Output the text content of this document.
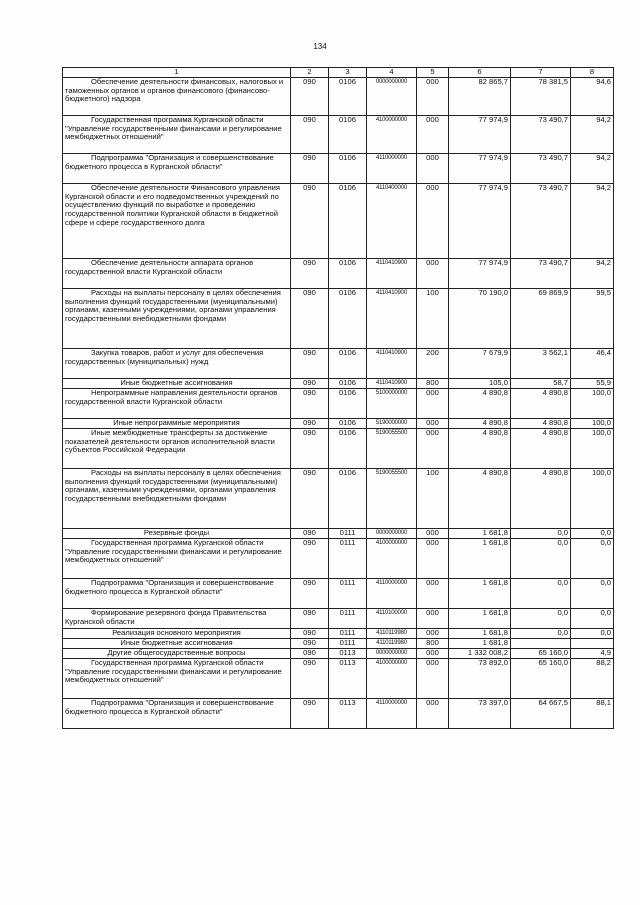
134
1	2	3	4	5	6	7	8
Обеспечение деятельности финансовых, налоговых и таможенных органов и органов финансового (финансово-бюджетного) надзора	090	0106	0000000000	000	82 865,7	78 381,5	94,6
Государственная программа Курганской области "Управление государственными финансами и регулирование межбюджетных отношений"	090	0106	4100000000	000	77 974,9	73 490,7	94,2
Подпрограмма "Организация и совершенствование бюджетного процесса в Курганской области"	090	0106	4110000000	000	77 974,9	73 490,7	94,2
Обеспечение деятельности Финансового управления Курганской области и его подведомственных учреждений по осуществлению функций по выработке и проведению государственной политики Курганской области в бюджетной сфере и сфере государственного долга	090	0106	4110400000	000	77 974,9	73 490,7	94,2
Обеспечение деятельности аппарата органов государственной власти Курганской области	090	0106	4110410900	000	77 974,9	73 490,7	94,2
Расходы на выплаты персоналу в целях обеспечения выполнения функций государственными (муниципальными) органами, казенными учреждениями, органами управления государственными внебюджетными фондами	090	0106	4110410900	100	70 190,0	69 869,9	99,5
Закупка товаров, работ и услуг для обеспечения государственных (муниципальных) нужд	090	0106	4110410900	200	7 679,9	3 562,1	46,4
Иные бюджетные ассигнования	090	0106	4110410900	800	105,0	58,7	55,9
Непрограммные направления деятельности органов государственной власти Курганской области	090	0106	5100000000	000	4 890,8	4 890,8	100,0
Иные непрограммные мероприятия	090	0106	5190000000	000	4 890,8	4 890,8	100,0
Иные межбюджетные трансферты за достижение показателей деятельности органов исполнительной власти субъектов Российской Федерации	090	0106	5190055500	000	4 890,8	4 890,8	100,0
Расходы на выплаты персоналу в целях обеспечения выполнения функций государственными (муниципальными) органами, казенными учреждениями, органами управления государственными внебюджетными фондами	090	0106	5190055500	100	4 890,8	4 890,8	100,0
Резервные фонды	090	0111	0000000000	000	1 681,8	0,0	0,0
Государственная программа Курганской области "Управление государственными финансами и регулирование межбюджетных отношений"	090	0111	4100000000	000	1 681,8	0,0	0,0
Подпрограмма "Организация и совершенствование бюджетного процесса в Курганской области"	090	0111	4110000000	000	1 681,8	0,0	0,0
Формирование резервного фонда Правительства Курганской области	090	0111	4110100000	000	1 681,8	0,0	0,0
Реализация основного мероприятия	090	0111	4110119980	000	1 681,8	0,0	0,0
Иные бюджетные ассигнования	090	0111	4110119980	800	1 681,8		
Другие общегосударственные вопросы	090	0113	0000000000	000	1 332 008,2	65 160,0	4,9
Государственная программа Курганской области "Управление государственными финансами и регулирование межбюджетных отношений"	090	0113	4100000000	000	73 892,0	65 160,0	88,2
Подпрограмма "Организация и совершенствование бюджетного процесса в Курганской области"	090	0113	4110000000	000	73 397,0	64 667,5	88,1
